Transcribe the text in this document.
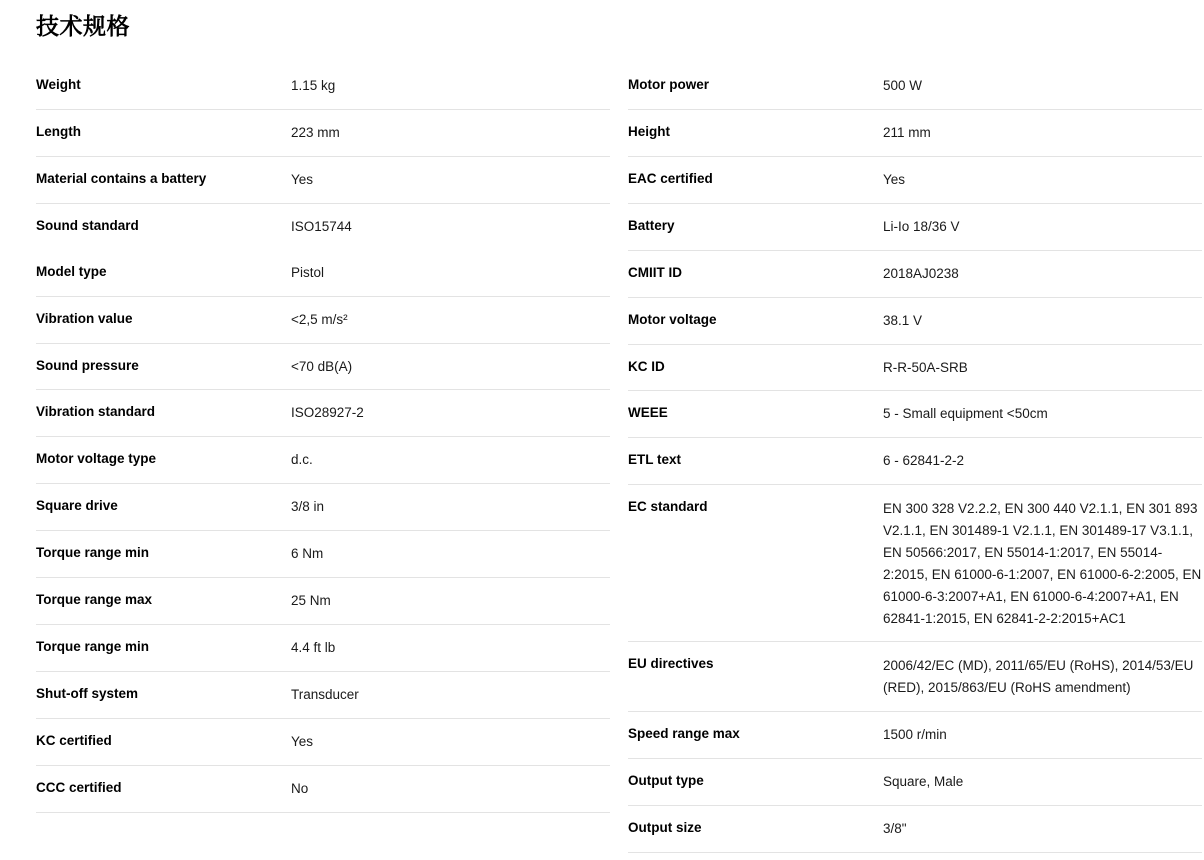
技术规格
Weight	1.15 kg
Length	223 mm
Material contains a battery	Yes
Sound standard	ISO15744
Model type	Pistol
Vibration value	<2,5 m/s²
Sound pressure	<70 dB(A)
Vibration standard	ISO28927-2
Motor voltage type	d.c.
Square drive	3/8 in
Torque range min	6 Nm
Torque range max	25 Nm
Torque range min	4.4 ft lb
Shut-off system	Transducer
KC certified	Yes
CCC certified	No
Motor power	500 W
Height	211 mm
EAC certified	Yes
Battery	Li-Io 18/36 V
CMIIT ID	2018AJ0238
Motor voltage	38.1 V
KC ID	R-R-50A-SRB
WEEE	5 - Small equipment <50cm
ETL text	6 - 62841-2-2
EC standard	EN 300 328 V2.2.2, EN 300 440 V2.1.1, EN 301 893 V2.1.1, EN 301489-1 V2.1.1, EN 301489-17 V3.1.1, EN 50566:2017, EN 55014-1:2017, EN 55014-2:2015, EN 61000-6-1:2007, EN 61000-6-2:2005, EN 61000-6-3:2007+A1, EN 61000-6-4:2007+A1, EN 62841-1:2015, EN 62841-2-2:2015+AC1
EU directives	2006/42/EC (MD), 2011/65/EU (RoHS), 2014/53/EU (RED), 2015/863/EU (RoHS amendment)
Speed range max	1500 r/min
Output type	Square, Male
Output size	3/8"
